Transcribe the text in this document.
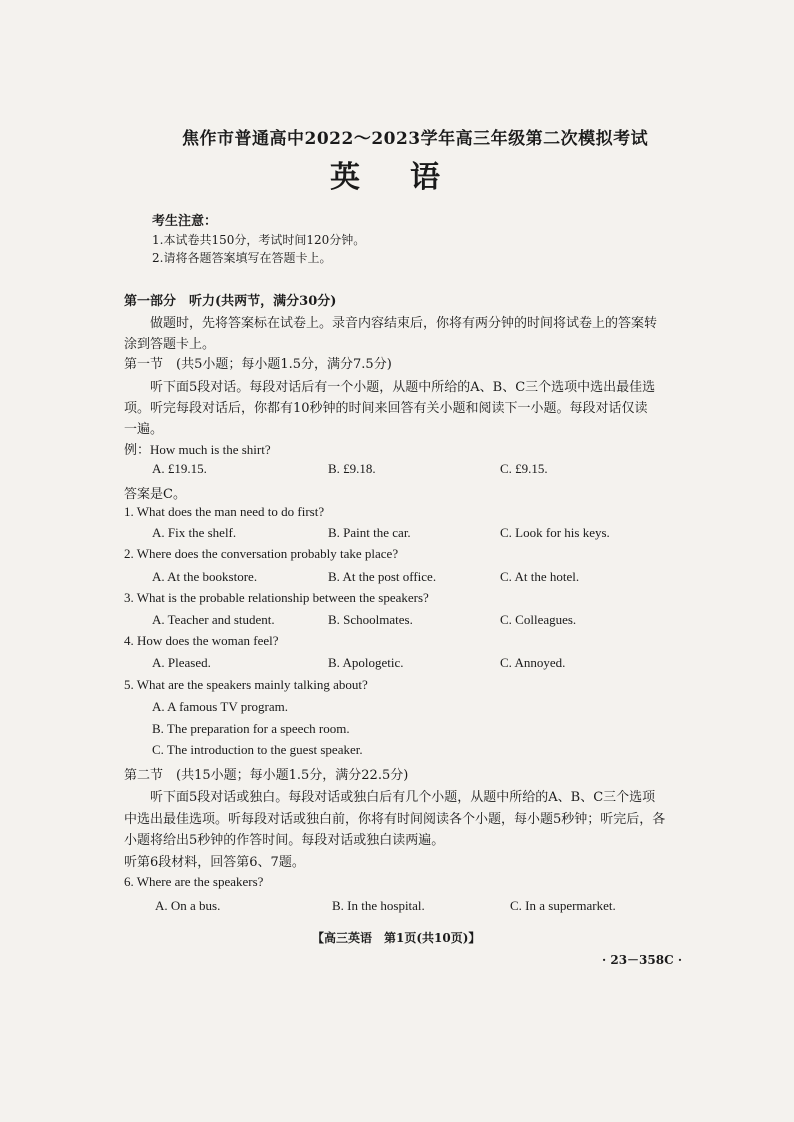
焦作市普通高中2022～2023学年高三年级第二次模拟考试
英语
考生注意：
1.本试卷共150分，考试时间120分钟。
2.请将各题答案填写在答题卡上。
第一部分　听力(共两节，满分30分)
做题时，先将答案标在试卷上。录音内容结束后，你将有两分钟的时间将试卷上的答案转
涂到答题卡上。
第一节　(共5小题；每小题1.5分，满分7.5分)
听下面5段对话。每段对话后有一个小题，从题中所给的A、B、C三个选项中选出最佳选
项。听完每段对话后，你都有10秒钟的时间来回答有关小题和阅读下一小题。每段对话仅读
一遍。
例：How much is the shirt?
A. £19.15.	B. £9.18.	C. £9.15.
答案是C。
1. What does the man need to do first?
A. Fix the shelf.	B. Paint the car.	C. Look for his keys.
2. Where does the conversation probably take place?
A. At the bookstore.	B. At the post office.	C. At the hotel.
3. What is the probable relationship between the speakers?
A. Teacher and student.	B. Schoolmates.	C. Colleagues.
4. How does the woman feel?
A. Pleased.	B. Apologetic.	C. Annoyed.
5. What are the speakers mainly talking about?
A. A famous TV program.
B. The preparation for a speech room.
C. The introduction to the guest speaker.
第二节　(共15小题；每小题1.5分，满分22.5分)
听下面5段对话或独白。每段对话或独白后有几个小题，从题中所给的A、B、C三个选项
中选出最佳选项。听每段对话或独白前，你将有时间阅读各个小题，每小题5秒钟；听完后，各
小题将给出5秒钟的作答时间。每段对话或独白读两遍。
听第6段材料，回答第6、7题。
6. Where are the speakers?
A. On a bus.	B. In the hospital.	C. In a supermarket.
【高三英语　第1页(共10页)】
· 23－358C ·
